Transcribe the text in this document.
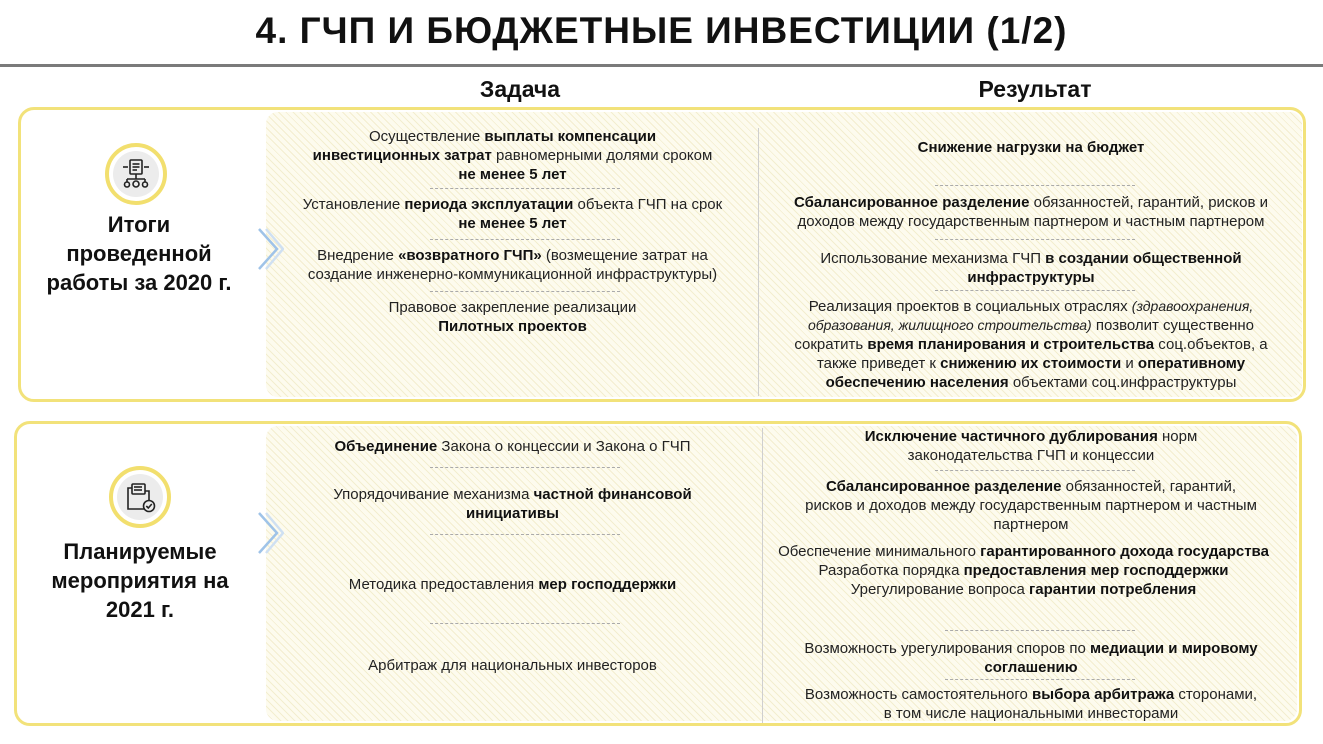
4. ГЧП И БЮДЖЕТНЫЕ ИНВЕСТИЦИИ (1/2)
Задача	Результат
Итоги
проведенной
работы за 2020 г.
Осуществление выплаты компенсации
инвестиционных затрат равномерными долями сроком
не менее 5 лет
Установление периода эксплуатации объекта ГЧП на срок
не менее 5 лет
Внедрение «возвратного ГЧП» (возмещение затрат на
создание инженерно-коммуникационной инфраструктуры)
Правовое закрепление реализации
Пилотных проектов
Снижение нагрузки на бюджет
Сбалансированное разделение обязанностей, гарантий, рисков и
доходов между государственным партнером и частным партнером
Использование механизма ГЧП в создании общественной
инфраструктуры
Реализация проектов в социальных отраслях (здравоохранения,
образования, жилищного строительства) позволит существенно
сократить время планирования и строительства соц.объектов, а
также приведет к снижению их стоимости и оперативному
обеспечению населения объектами соц.инфраструктуры
Планируемые
мероприятия на
2021 г.
Объединение Закона о концессии и Закона о ГЧП
Упорядочивание механизма частной финансовой
инициативы
Методика предоставления мер господдержки
Арбитраж для национальных инвесторов
Исключение частичного дублирования норм
законодательства ГЧП и концессии
Сбалансированное разделение обязанностей, гарантий,
рисков и доходов между государственным партнером и частным
партнером
Обеспечение минимального гарантированного дохода государства
Разработка порядка предоставления мер господдержки
Урегулирование вопроса гарантии потребления
Возможность урегулирования споров по медиации и мировому
соглашению
Возможность самостоятельного выбора арбитража сторонами,
в том числе национальными инвесторами
